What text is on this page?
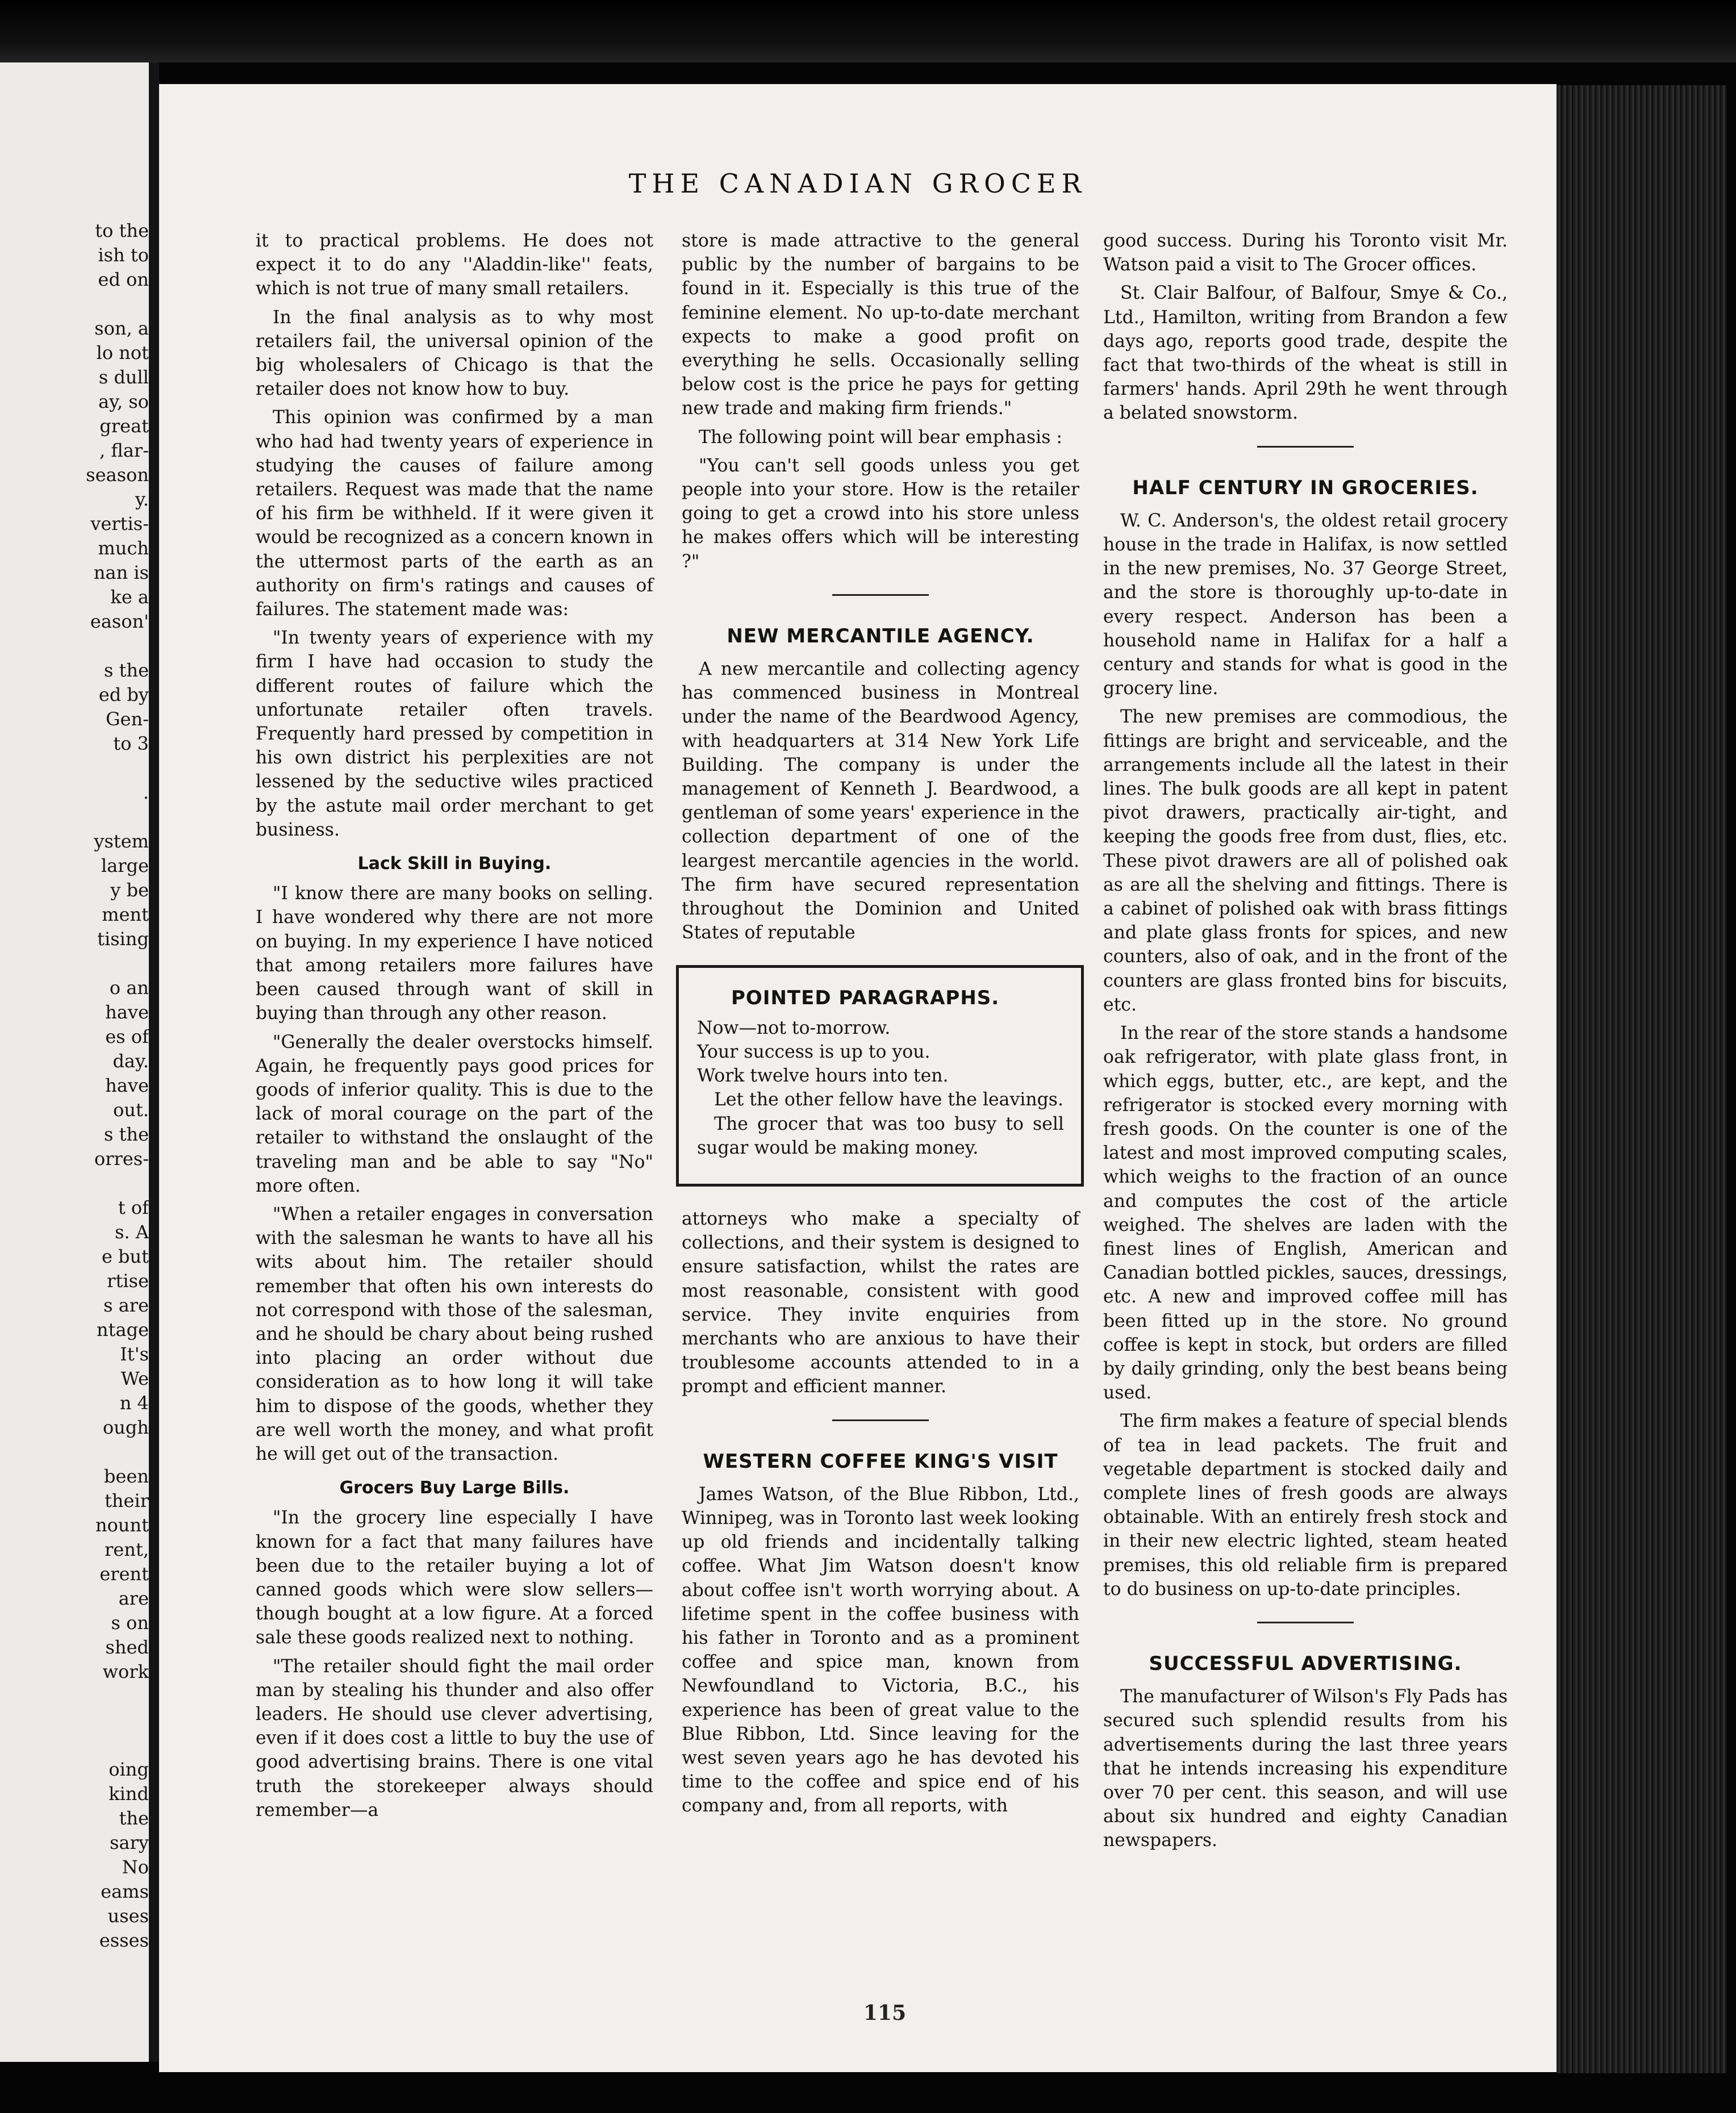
to the
ish to
ed on
son, a
lo not
s dull
ay, so
great
, flar-
season
y.
vertis-
much
nan is
ke a
eason'
s the
ed by
Gen-
to 3
.
ystem
large
y be
ment
tising
o an
have
es of
day.
have
out.
s the
orres-
t of
s. A
e but
rtise
s are
ntage
It's
We
n 4
ough
been
their
nount
rent,
erent
are
s on
shed
work
oing
kind
the
sary
No
eams
uses
esses
THE CANADIAN GROCER

it to practical problems. He does not expect it to do any ''Aladdin-like'' feats, which is not true of many small retailers.

In the final analysis as to why most retailers fail, the universal opinion of the big wholesalers of Chicago is that the retailer does not know how to buy.

This opinion was confirmed by a man who had had twenty years of experience in studying the causes of failure among retailers. Request was made that the name of his firm be withheld. If it were given it would be recognized as a concern known in the uttermost parts of the earth as an authority on firm's ratings and causes of failures. The statement made was:

"In twenty years of experience with my firm I have had occasion to study the different routes of failure which the unfortunate retailer often travels. Frequently hard pressed by competition in his own district his perplexities are not lessened by the seductive wiles practiced by the astute mail order merchant to get business.

Lack Skill in Buying.

"I know there are many books on selling. I have wondered why there are not more on buying. In my experience I have noticed that among retailers more failures have been caused through want of skill in buying than through any other reason.

"Generally the dealer overstocks himself. Again, he frequently pays good prices for goods of inferior quality. This is due to the lack of moral courage on the part of the retailer to withstand the onslaught of the traveling man and be able to say "No" more often.

"When a retailer engages in conversation with the salesman he wants to have all his wits about him. The retailer should remember that often his own interests do not correspond with those of the salesman, and he should be chary about being rushed into placing an order without due consideration as to how long it will take him to dispose of the goods, whether they are well worth the money, and what profit he will get out of the transaction.

Grocers Buy Large Bills.

"In the grocery line especially I have known for a fact that many failures have been due to the retailer buying a lot of canned goods which were slow sellers—though bought at a low figure. At a forced sale these goods realized next to nothing.

"The retailer should fight the mail order man by stealing his thunder and also offer leaders. He should use clever advertising, even if it does cost a little to buy the use of good advertising brains. There is one vital truth the storekeeper always should remember—a

store is made attractive to the general public by the number of bargains to be found in it. Especially is this true of the feminine element. No up-to-date merchant expects to make a good profit on everything he sells. Occasionally selling below cost is the price he pays for getting new trade and making firm friends."

The following point will bear emphasis :

"You can't sell goods unless you get people into your store. How is the retailer going to get a crowd into his store unless he makes offers which will be interesting ?"

NEW MERCANTILE AGENCY.

A new mercantile and collecting agency has commenced business in Montreal under the name of the Beardwood Agency, with headquarters at 314 New York Life Building. The company is under the management of Kenneth J. Beardwood, a gentleman of some years' experience in the collection department of one of the leargest mercantile agencies in the world. The firm have secured representation throughout the Dominion and United States of reputable

POINTED PARAGRAPHS.

Now—not to-morrow.

Your success is up to you.

Work twelve hours into ten.

Let the other fellow have the leavings.

The grocer that was too busy to sell sugar would be making money.

attorneys who make a specialty of collections, and their system is designed to ensure satisfaction, whilst the rates are most reasonable, consistent with good service. They invite enquiries from merchants who are anxious to have their troublesome accounts attended to in a prompt and efficient manner.

WESTERN COFFEE KING'S VISIT

James Watson, of the Blue Ribbon, Ltd., Winnipeg, was in Toronto last week looking up old friends and incidentally talking coffee. What Jim Watson doesn't know about coffee isn't worth worrying about. A lifetime spent in the coffee business with his father in Toronto and as a prominent coffee and spice man, known from Newfoundland to Victoria, B.C., his experience has been of great value to the Blue Ribbon, Ltd. Since leaving for the west seven years ago he has devoted his time to the coffee and spice end of his company and, from all reports, with

good success. During his Toronto visit Mr. Watson paid a visit to The Grocer offices.

St. Clair Balfour, of Balfour, Smye & Co., Ltd., Hamilton, writing from Brandon a few days ago, reports good trade, despite the fact that two-thirds of the wheat is still in farmers' hands. April 29th he went through a belated snowstorm.

HALF CENTURY IN GROCERIES.

W. C. Anderson's, the oldest retail grocery house in the trade in Halifax, is now settled in the new premises, No. 37 George Street, and the store is thoroughly up-to-date in every respect. Anderson has been a household name in Halifax for a half a century and stands for what is good in the grocery line.

The new premises are commodious, the fittings are bright and serviceable, and the arrangements include all the latest in their lines. The bulk goods are all kept in patent pivot drawers, practically air-tight, and keeping the goods free from dust, flies, etc. These pivot drawers are all of polished oak as are all the shelving and fittings. There is a cabinet of polished oak with brass fittings and plate glass fronts for spices, and new counters, also of oak, and in the front of the counters are glass fronted bins for biscuits, etc.

In the rear of the store stands a handsome oak refrigerator, with plate glass front, in which eggs, butter, etc., are kept, and the refrigerator is stocked every morning with fresh goods. On the counter is one of the latest and most improved computing scales, which weighs to the fraction of an ounce and computes the cost of the article weighed. The shelves are laden with the finest lines of English, American and Canadian bottled pickles, sauces, dressings, etc. A new and improved coffee mill has been fitted up in the store. No ground coffee is kept in stock, but orders are filled by daily grinding, only the best beans being used.

The firm makes a feature of special blends of tea in lead packets. The fruit and vegetable department is stocked daily and complete lines of fresh goods are always obtainable. With an entirely fresh stock and in their new electric lighted, steam heated premises, this old reliable firm is prepared to do business on up-to-date principles.

SUCCESSFUL ADVERTISING.

The manufacturer of Wilson's Fly Pads has secured such splendid results from his advertisements during the last three years that he intends increasing his expenditure over 70 per cent. this season, and will use about six hundred and eighty Canadian newspapers.

115
